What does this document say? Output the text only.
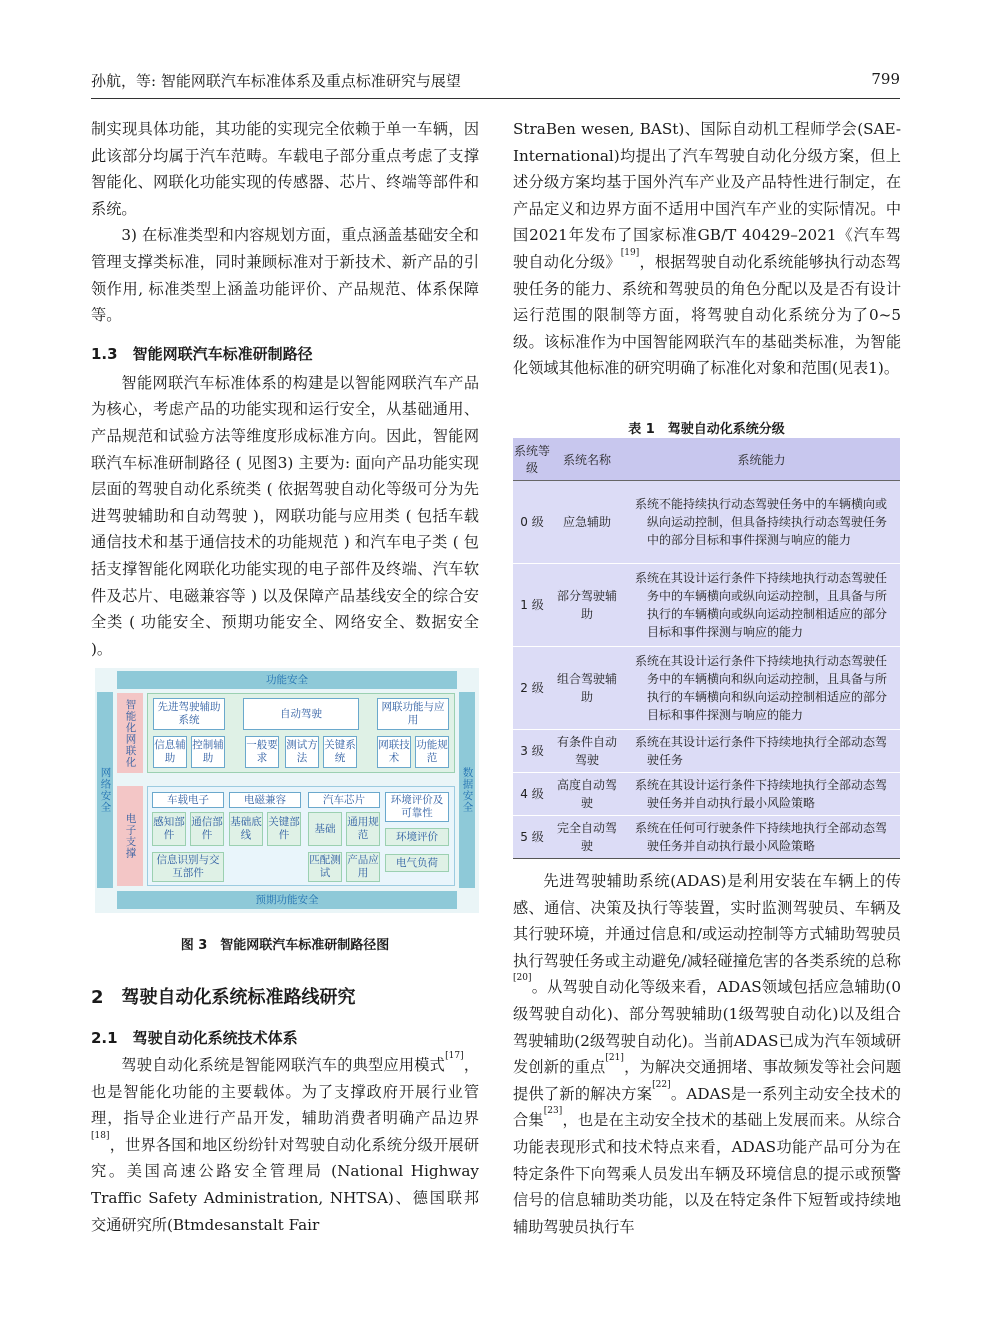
孙航，等: 智能网联汽车标准体系及重点标准研究与展望	799

制实现具体功能，其功能的实现完全依赖于单一车辆，因此该部分均属于汽车范畴。车载电子部分重点考虑了支撑智能化、网联化功能实现的传感器、芯片、终端等部件和系统。

3) 在标准类型和内容规划方面，重点涵盖基础安全和管理支撑类标准，同时兼顾标准对于新技术、新产品的引领作用, 标准类型上涵盖功能评价、产品规范、体系保障等。

1.3　智能网联汽车标准研制路径

智能网联汽车标准体系的构建是以智能网联汽车产品为核心，考虑产品的功能实现和运行安全，从基础通用、产品规范和试验方法等维度形成标准方向。因此，智能网联汽车标准研制路径 ( 见图3) 主要为: 面向产品功能实现层面的驾驶自动化系统类 ( 依据驾驶自动化等级可分为先进驾驶辅助和自动驾驶 )，网联功能与应用类 ( 包括车载通信技术和基于通信技术的功能规范 ) 和汽车电子类 ( 包括支撑智能化网联化功能实现的电子部件及终端、汽车软件及芯片、电磁兼容等 ) 以及保障产品基线安全的综合安全类 ( 功能安全、预期功能安全、网络安全、数据安全 )。

功能安全
预期功能安全
网络安全	数据安全
智能化网联化	先进驾驶辅助系统
自动驾驶
网联功能与应用
信息辅助
控制辅助
一般要求
测试方法
关键系统
网联技术
功能规范
电子支撑
车载电子	电磁兼容	汽车芯片	环境评价及可靠性
感知部件
通信部件
基础底线
关键部件
基础
通用规范	环境评价
信息识别与交互部件
匹配测试
产品应用
电气负荷
图 3　智能网联汽车标准研制路径图
2　驾驶自动化系统标准路线研究
2.1　驾驶自动化系统技术体系

驾驶自动化系统是智能网联汽车的典型应用模式[17]，也是智能化功能的主要载体。为了支撑政府开展行业管理，指导企业进行产品开发，辅助消费者明确产品边界[18]，世界各国和地区纷纷针对驾驶自动化系统分级开展研究。美国高速公路安全管理局 (National Highway Traffic Safety Administration, NHTSA)、德国联邦交通研究所(Btmdesanstalt Fair

StraBen wesen, BASt)、国际自动机工程师学会(SAE-International)均提出了汽车驾驶自动化分级方案，但上述分级方案均基于国外汽车产业及产品特性进行制定，在产品定义和边界方面不适用中国汽车产业的实际情况。中国2021年发布了国家标准GB/T 40429–2021《汽车驾驶自动化分级》[19]，根据驾驶自动化系统能够执行动态驾驶任务的能力、系统和驾驶员的角色分配以及是否有设计运行范围的限制等方面，将驾驶自动化系统分为了0~5级。该标准作为中国智能网联汽车的基础类标准，为智能化领域其他标准的研究明确了标准化对象和范围(见表1)。

表 1　驾驶自动化系统分级
系统等级	系统名称	系统能力
0 级	应急辅助	系统不能持续执行动态驾驶任务中的车辆横向或纵向运动控制，但具备持续执行动态驾驶任务中的部分目标和事件探测与响应的能力
1 级	部分驾驶辅助	系统在其设计运行条件下持续地执行动态驾驶任务中的车辆横向或纵向运动控制，且具备与所执行的车辆横向或纵向运动控制相适应的部分目标和事件探测与响应的能力
2 级	组合驾驶辅助	系统在其设计运行条件下持续地执行动态驾驶任务中的车辆横向和纵向运动控制，且具备与所执行的车辆横向和纵向运动控制相适应的部分目标和事件探测与响应的能力
3 级	有条件自动驾驶	系统在其设计运行条件下持续地执行全部动态驾驶任务
4 级	高度自动驾驶	系统在其设计运行条件下持续地执行全部动态驾驶任务并自动执行最小风险策略
5 级	完全自动驾驶	系统在任何可行驶条件下持续地执行全部动态驾驶任务并自动执行最小风险策略

先进驾驶辅助系统(ADAS)是利用安装在车辆上的传感、通信、决策及执行等装置，实时监测驾驶员、车辆及其行驶环境，并通过信息和/或运动控制等方式辅助驾驶员执行驾驶任务或主动避免/减轻碰撞危害的各类系统的总称[20]。从驾驶自动化等级来看，ADAS领域包括应急辅助(0级驾驶自动化)、部分驾驶辅助(1级驾驶自动化)以及组合驾驶辅助(2级驾驶自动化)。当前ADAS已成为汽车领域研发创新的重点[21]，为解决交通拥堵、事故频发等社会问题提供了新的解决方案[22]。ADAS是一系列主动安全技术的合集[23]，也是在主动安全技术的基础上发展而来。从综合功能表现形式和技术特点来看，ADAS功能产品可分为在特定条件下向驾乘人员发出车辆及环境信息的提示或预警信号的信息辅助类功能，以及在特定条件下短暂或持续地辅助驾驶员执行车
